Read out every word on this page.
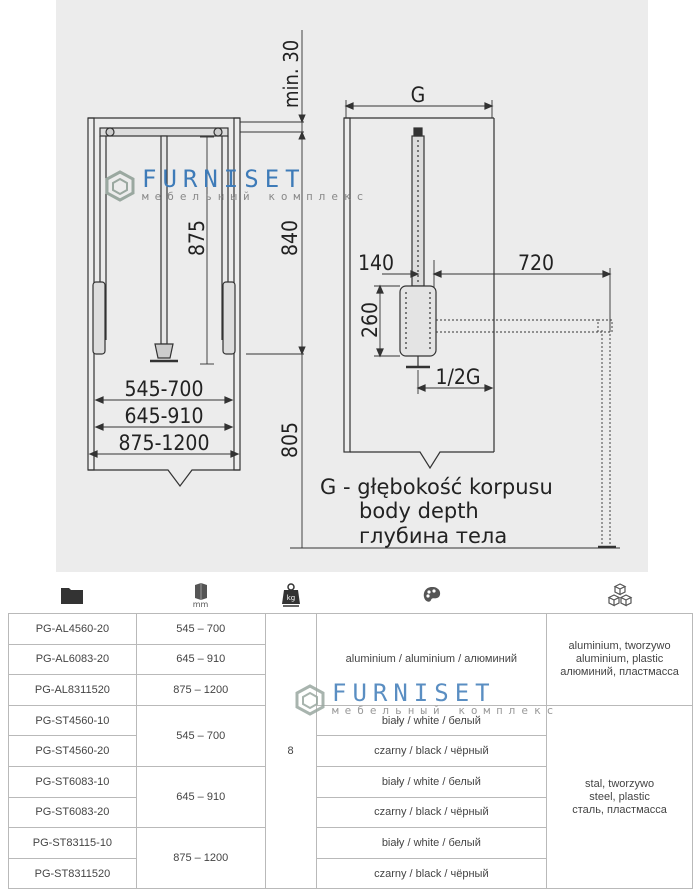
min. 30
840
805
875
545-700
645-910
875-1200
G
140	720
260
1/2G
G - głębokość korpusu
body depth
глубина тела
FURNISET
мебельный комплекс
mm
kg
PG-AL4560-20	545 – 700	8	aluminium / aluminium / алюминий	aluminium, tworzywo
aluminium, plastic
алюминий, пластмасса

PG-AL6083-20	645 – 910			
PG-AL8311520	875 – 1200			
PG-ST4560-10	545 – 700		biały / white / белый	stal, tworzywo
steel, plastic
сталь, пластмасса

PG-ST4560-20			czarny / black / чёрный	
PG-ST6083-10	645 – 910		biały / white / белый	
PG-ST6083-20			czarny / black / чёрный	
PG-ST83115-10	875 – 1200		biały / white / белый	
PG-ST8311520			czarny / black / чёрный	
FURNISET
мебельный комплекс
